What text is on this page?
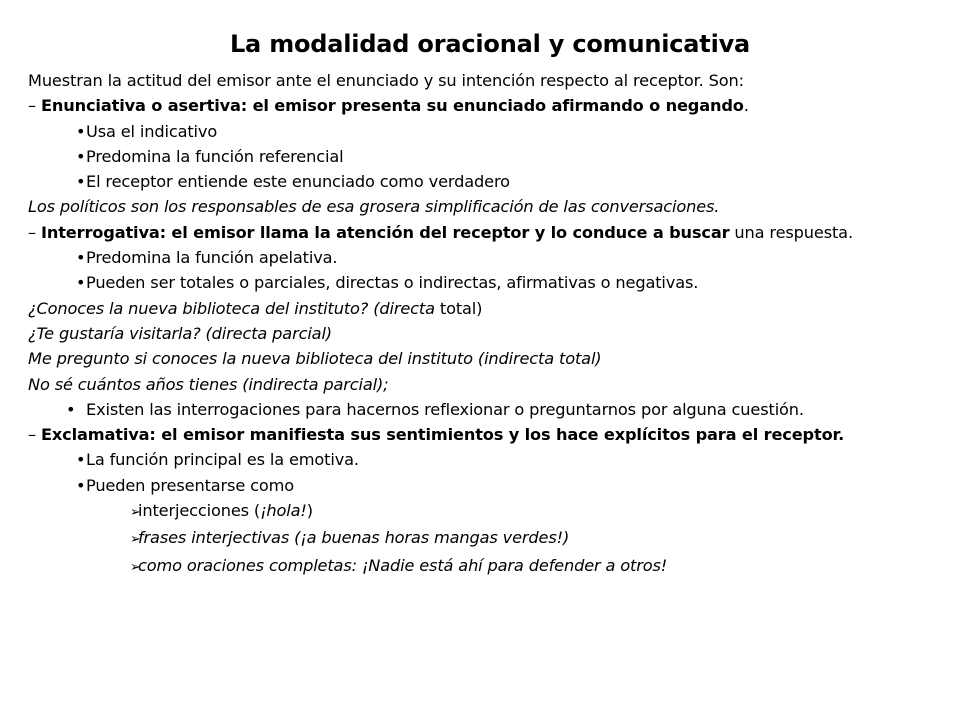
La modalidad oracional y comunicativa
Muestran la actitud del emisor ante el enunciado y su intención respecto al receptor. Son:
– Enunciativa o asertiva: el emisor presenta su enunciado afirmando o negando.
•Usa el indicativo
•Predomina la función referencial
•El receptor entiende este enunciado como verdadero
Los políticos son los responsables de esa grosera simplificación de las conversaciones.
– Interrogativa: el emisor llama la atención del receptor y lo conduce a buscar una respuesta.
•Predomina la función apelativa.
•Pueden ser totales o parciales, directas o indirectas, afirmativas o negativas.
¿Conoces la nueva biblioteca del instituto? (directa total)
¿Te gustaría visitarla? (directa parcial)
Me pregunto si conoces la nueva biblioteca del instituto (indirecta total)
No sé cuántos años tienes (indirecta parcial);
• Existen las interrogaciones para hacernos reflexionar o preguntarnos por alguna cuestión.
– Exclamativa: el emisor manifiesta sus sentimientos y los hace explícitos para el receptor.
•La función principal es la emotiva.
•Pueden presentarse como
➢interjecciones (¡hola!)
➢frases interjectivas (¡a buenas horas mangas verdes!)
➢como oraciones completas: ¡Nadie está ahí para defender a otros!
